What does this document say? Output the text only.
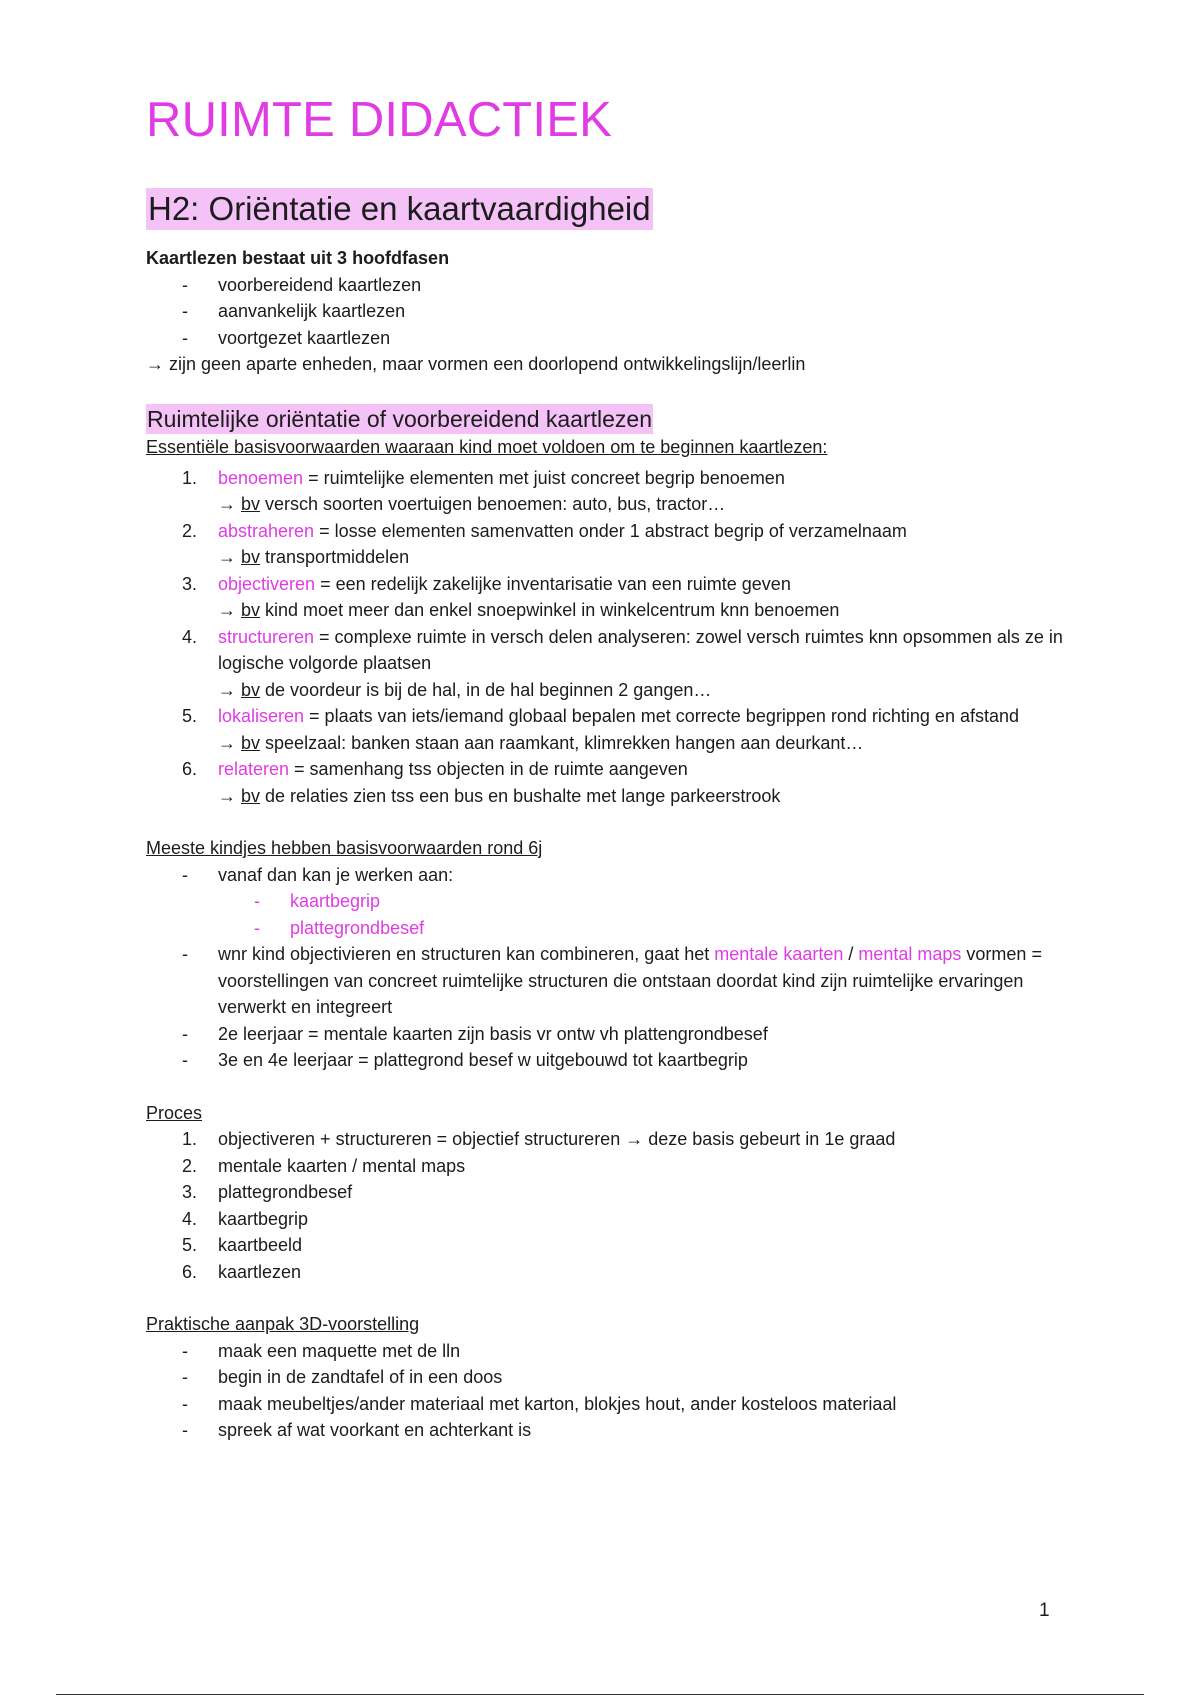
RUIMTE DIDACTIEK
H2: Oriëntatie en kaartvaardigheid
Kaartlezen bestaat uit 3 hoofdfasen
- voorbereidend kaartlezen
- aanvankelijk kaartlezen
- voortgezet kaartlezen
→ zijn geen aparte enheden, maar vormen een doorlopend ontwikkelingslijn/leerlin
Ruimtelijke oriëntatie of voorbereidend kaartlezen
Essentiële basisvoorwaarden waaraan kind moet voldoen om te beginnen kaartlezen:
1.	benoemen = ruimtelijke elementen met juist concreet begrip benoemen
→ bv versch soorten voertuigen benoemen: auto, bus, tractor…
2.	abstraheren = losse elementen samenvatten onder 1 abstract begrip of verzamelnaam
→ bv transportmiddelen
3.	objectiveren = een redelijk zakelijke inventarisatie van een ruimte geven
→ bv kind moet meer dan enkel snoepwinkel in winkelcentrum knn benoemen
4.	structureren = complexe ruimte in versch delen analyseren: zowel versch ruimtes knn opsommen als ze in logische volgorde plaatsen
→ bv de voordeur is bij de hal, in de hal beginnen 2 gangen…
5.	lokaliseren = plaats van iets/iemand globaal bepalen met correcte begrippen rond richting en afstand
→ bv speelzaal: banken staan aan raamkant, klimrekken hangen aan deurkant…
6.	relateren = samenhang tss objecten in de ruimte aangeven
→ bv de relaties zien tss een bus en bushalte met lange parkeerstrook
Meeste kindjes hebben basisvoorwaarden rond 6j
- vanaf dan kan je werken aan:
- kaartbegrip
- plattegrondbesef
- wnr kind objectivieren en structuren kan combineren, gaat het mentale kaarten / mental maps vormen = voorstellingen van concreet ruimtelijke structuren die ontstaan doordat kind zijn ruimtelijke ervaringen verwerkt en integreert
- 2e leerjaar = mentale kaarten zijn basis vr ontw vh plattengrondbesef
- 3e en 4e leerjaar = plattegrond besef w uitgebouwd tot kaartbegrip
Proces
1.	objectiveren + structureren = objectief structureren → deze basis gebeurt in 1e graad
2.	mentale kaarten / mental maps
3.	plattegrondbesef
4.	kaartbegrip
5.	kaartbeeld
6.	kaartlezen
Praktische aanpak 3D-voorstelling
- maak een maquette met de lln
- begin in de zandtafel of in een doos
- maak meubeltjes/ander materiaal met karton, blokjes hout, ander kosteloos materiaal
- spreek af wat voorkant en achterkant is
1
